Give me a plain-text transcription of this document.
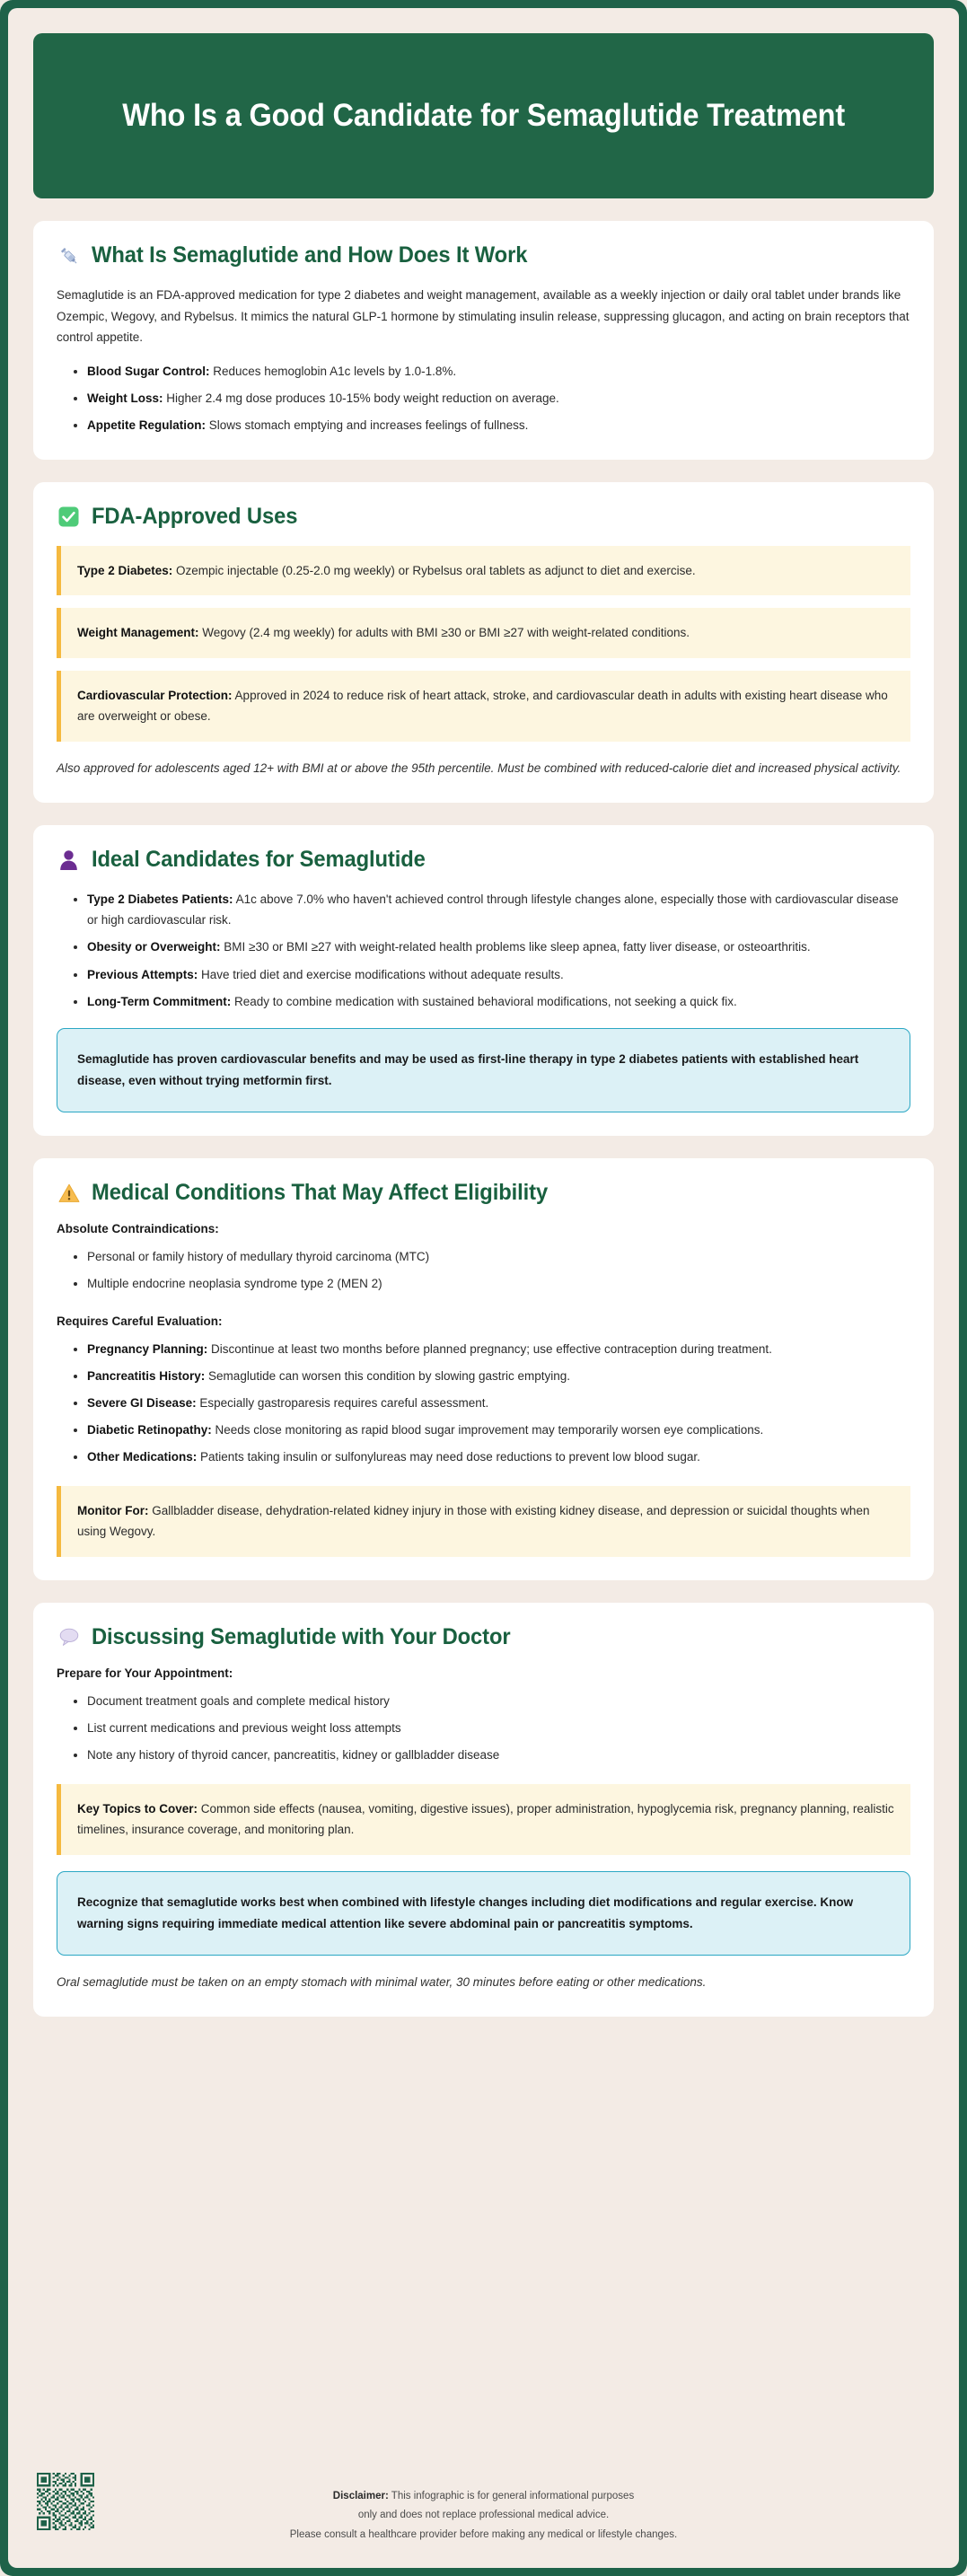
Who Is a Good Candidate for Semaglutide Treatment
What Is Semaglutide and How Does It Work

Semaglutide is an FDA-approved medication for type 2 diabetes and weight management, available as a weekly injection or daily oral tablet under brands like Ozempic, Wegovy, and Rybelsus. It mimics the natural GLP-1 hormone by stimulating insulin release, suppressing glucagon, and acting on brain receptors that control appetite.

• Blood Sugar Control: Reduces hemoglobin A1c levels by 1.0-1.8%.
• Weight Loss: Higher 2.4 mg dose produces 10-15% body weight reduction on average.
• Appetite Regulation: Slows stomach emptying and increases feelings of fullness.
FDA-Approved Uses
Type 2 Diabetes: Ozempic injectable (0.25-2.0 mg weekly) or Rybelsus oral tablets as adjunct to diet and exercise.
Weight Management: Wegovy (2.4 mg weekly) for adults with BMI ≥30 or BMI ≥27 with weight-related conditions.
Cardiovascular Protection: Approved in 2024 to reduce risk of heart attack, stroke, and cardiovascular death in adults with existing heart disease who are overweight or obese.

Also approved for adolescents aged 12+ with BMI at or above the 95th percentile. Must be combined with reduced-calorie diet and increased physical activity.

Ideal Candidates for Semaglutide
• Type 2 Diabetes Patients: A1c above 7.0% who haven't achieved control through lifestyle changes alone, especially those with cardiovascular disease or high cardiovascular risk.
• Obesity or Overweight: BMI ≥30 or BMI ≥27 with weight-related health problems like sleep apnea, fatty liver disease, or osteoarthritis.
• Previous Attempts: Have tried diet and exercise modifications without adequate results.
• Long-Term Commitment: Ready to combine medication with sustained behavioral modifications, not seeking a quick fix.
Semaglutide has proven cardiovascular benefits and may be used as first-line therapy in type 2 diabetes patients with established heart disease, even without trying metformin first.
Medical Conditions That May Affect Eligibility

Absolute Contraindications:

• Personal or family history of medullary thyroid carcinoma (MTC)
• Multiple endocrine neoplasia syndrome type 2 (MEN 2)

Requires Careful Evaluation:

• Pregnancy Planning: Discontinue at least two months before planned pregnancy; use effective contraception during treatment.
• Pancreatitis History: Semaglutide can worsen this condition by slowing gastric emptying.
• Severe GI Disease: Especially gastroparesis requires careful assessment.
• Diabetic Retinopathy: Needs close monitoring as rapid blood sugar improvement may temporarily worsen eye complications.
• Other Medications: Patients taking insulin or sulfonylureas may need dose reductions to prevent low blood sugar.
Monitor For: Gallbladder disease, dehydration-related kidney injury in those with existing kidney disease, and depression or suicidal thoughts when using Wegovy.
Discussing Semaglutide with Your Doctor

Prepare for Your Appointment:

• Document treatment goals and complete medical history
• List current medications and previous weight loss attempts
• Note any history of thyroid cancer, pancreatitis, kidney or gallbladder disease
Key Topics to Cover: Common side effects (nausea, vomiting, digestive issues), proper administration, hypoglycemia risk, pregnancy planning, realistic timelines, insurance coverage, and monitoring plan.
Recognize that semaglutide works best when combined with lifestyle changes including diet modifications and regular exercise. Know warning signs requiring immediate medical attention like severe abdominal pain or pancreatitis symptoms.

Oral semaglutide must be taken on an empty stomach with minimal water, 30 minutes before eating or other medications.

Disclaimer: This infographic is for general informational purposes
only and does not replace professional medical advice.
Please consult a healthcare provider before making any medical or lifestyle changes.
